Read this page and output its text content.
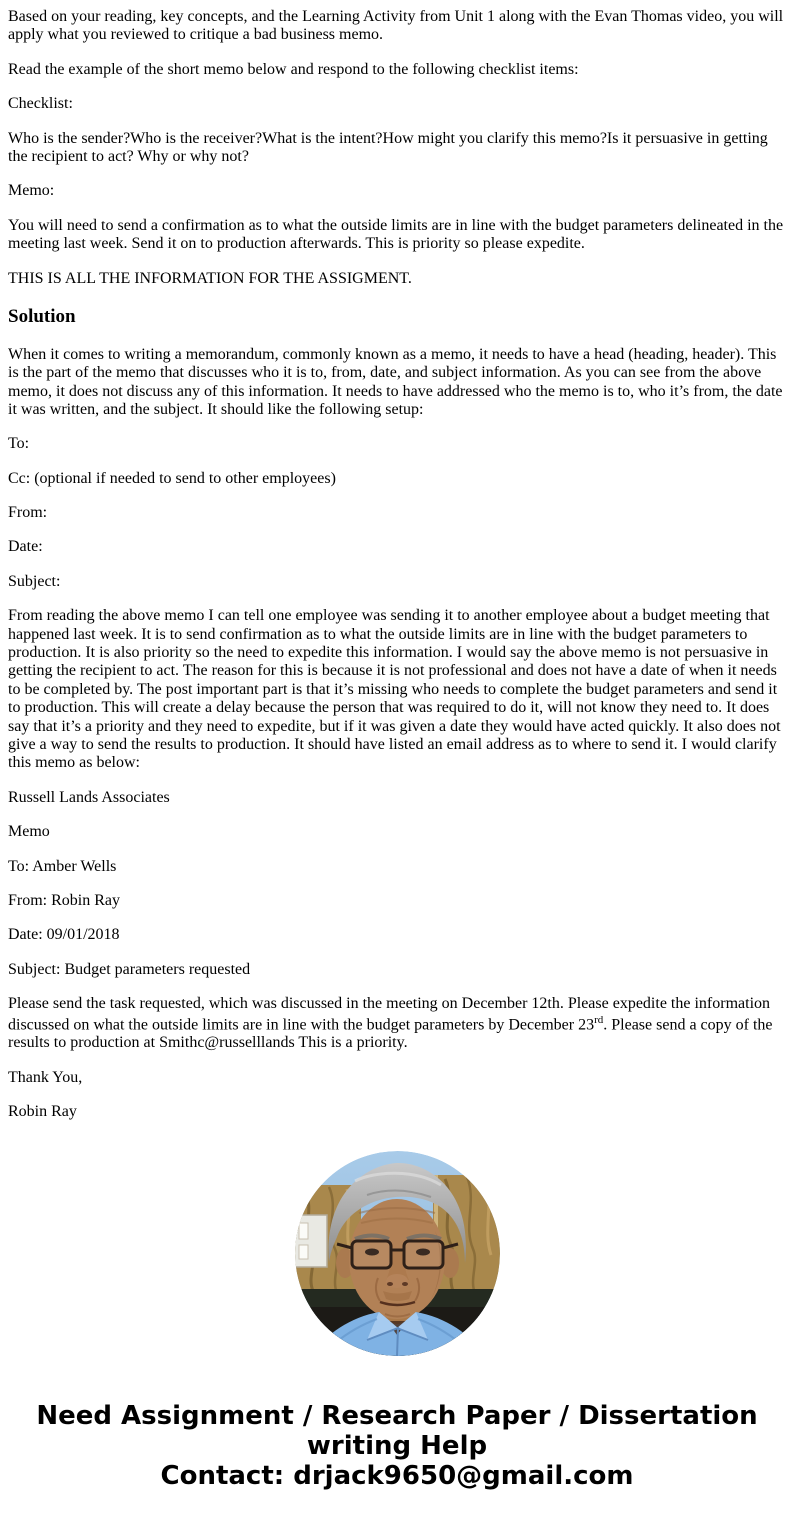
Based on your reading, key concepts, and the Learning Activity from Unit 1 along with the Evan Thomas video, you will apply what you reviewed to critique a bad business memo.

Read the example of the short memo below and respond to the following checklist items:

Checklist:

Who is the sender?Who is the receiver?What is the intent?How might you clarify this memo?Is it persuasive in getting the recipient to act? Why or why not?

Memo:

You will need to send a confirmation as to what the outside limits are in line with the budget parameters delineated in the meeting last week. Send it on to production afterwards. This is priority so please expedite.

THIS IS ALL THE INFORMATION FOR THE ASSIGMENT.

Solution

When it comes to writing a memorandum, commonly known as a memo, it needs to have a head (heading, header). This is the part of the memo that discusses who it is to, from, date, and subject information. As you can see from the above memo, it does not discuss any of this information. It needs to have addressed who the memo is to, who it’s from, the date it was written, and the subject. It should like the following setup:

To:

Cc: (optional if needed to send to other employees)

From:

Date:

Subject:

From reading the above memo I can tell one employee was sending it to another employee about a budget meeting that happened last week. It is to send confirmation as to what the outside limits are in line with the budget parameters to production. It is also priority so the need to expedite this information. I would say the above memo is not persuasive in getting the recipient to act. The reason for this is because it is not professional and does not have a date of when it needs to be completed by. The post important part is that it’s missing who needs to complete the budget parameters and send it to production. This will create a delay because the person that was required to do it, will not know they need to. It does say that it’s a priority and they need to expedite, but if it was given a date they would have acted quickly. It also does not give a way to send the results to production. It should have listed an email address as to where to send it. I would clarify this memo as below:

Russell Lands Associates

Memo

To: Amber Wells

From: Robin Ray

Date: 09/01/2018

Subject: Budget parameters requested

Please send the task requested, which was discussed in the meeting on December 12th. Please expedite the information discussed on what the outside limits are in line with the budget parameters by December 23rd. Please send a copy of the results to production at Smithc@russelllands This is a priority.

Thank You,

Robin Ray

Need Assignment / Research Paper / Dissertation writing Help
Contact: drjack9650@gmail.com
